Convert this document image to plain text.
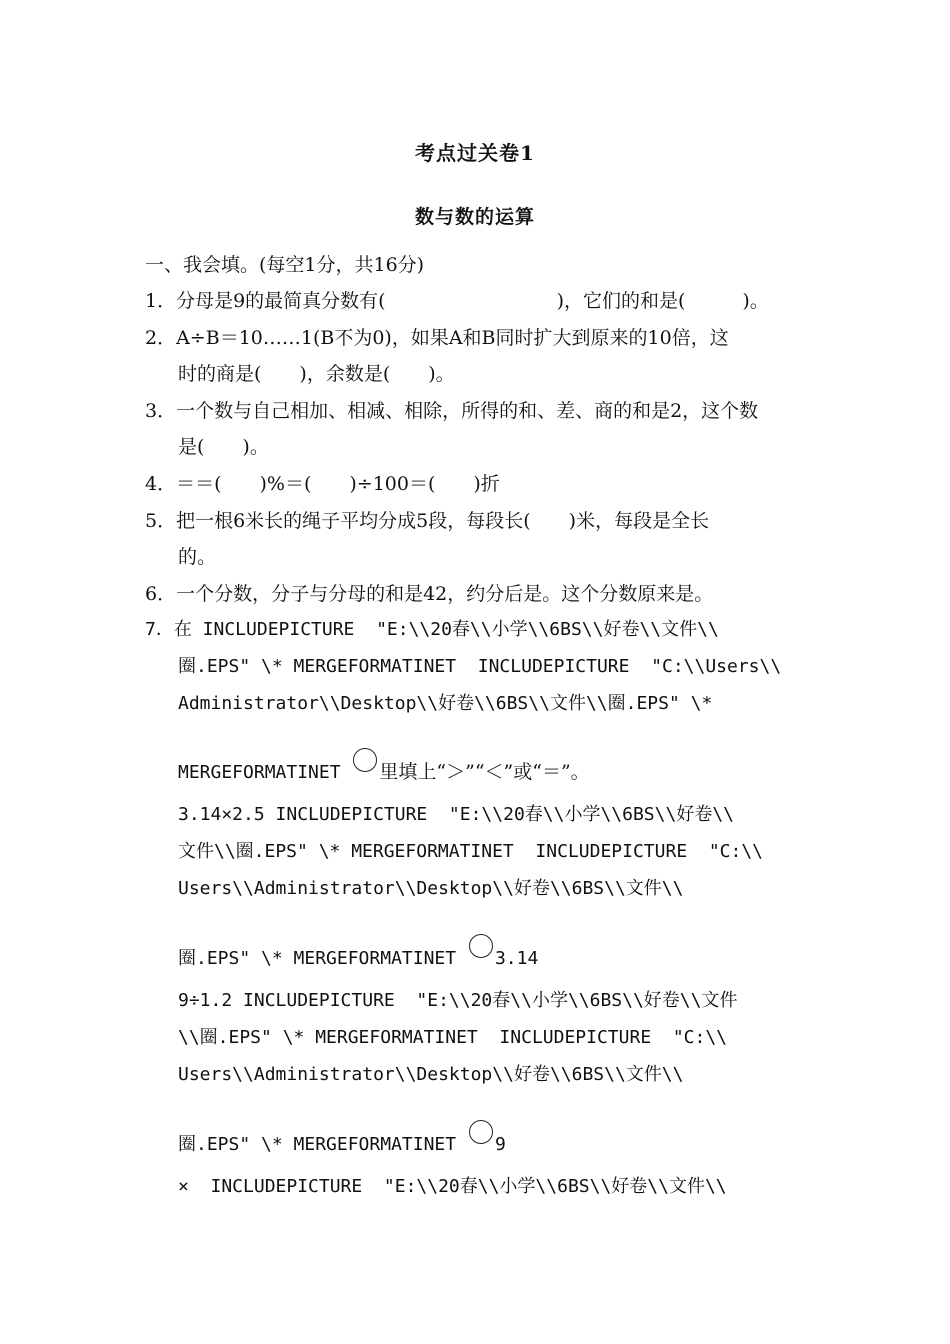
考点过关卷1
数与数的运算
一、我会填。(每空1分，共16分)
1．分母是9的最简真分数有(　　　　　　　　　)，它们的和是(　　　)。
2．A÷B＝10……1(B不为0)，如果A和B同时扩大到原来的10倍，这
时的商是(　　)，余数是(　　)。
3．一个数与自己相加、相减、相除，所得的和、差、商的和是2，这个数
是(　　)。
4．＝＝(　　)%＝(　　)÷100＝(　　)折
5．把一根6米长的绳子平均分成5段，每段长(　　)米，每段是全长
的。
6．一个分数，分子与分母的和是42，约分后是。这个分数原来是。
7．在 INCLUDEPICTURE  "E:\\20春\\小学\\6BS\\好卷\\文件\\
圈.EPS" \* MERGEFORMATINET  INCLUDEPICTURE  "C:\\Users\\
Administrator\\Desktop\\好卷\\6BS\\文件\\圈.EPS" \*
MERGEFORMATINET 里填上“＞”“＜”或“＝”。
3.14×2.5 INCLUDEPICTURE  "E:\\20春\\小学\\6BS\\好卷\\
文件\\圈.EPS" \* MERGEFORMATINET  INCLUDEPICTURE  "C:\\
Users\\Administrator\\Desktop\\好卷\\6BS\\文件\\
圈.EPS" \* MERGEFORMATINET 3.14
9÷1.2 INCLUDEPICTURE  "E:\\20春\\小学\\6BS\\好卷\\文件
\\圈.EPS" \* MERGEFORMATINET  INCLUDEPICTURE  "C:\\
Users\\Administrator\\Desktop\\好卷\\6BS\\文件\\
圈.EPS" \* MERGEFORMATINET 9
×  INCLUDEPICTURE  "E:\\20春\\小学\\6BS\\好卷\\文件\\
